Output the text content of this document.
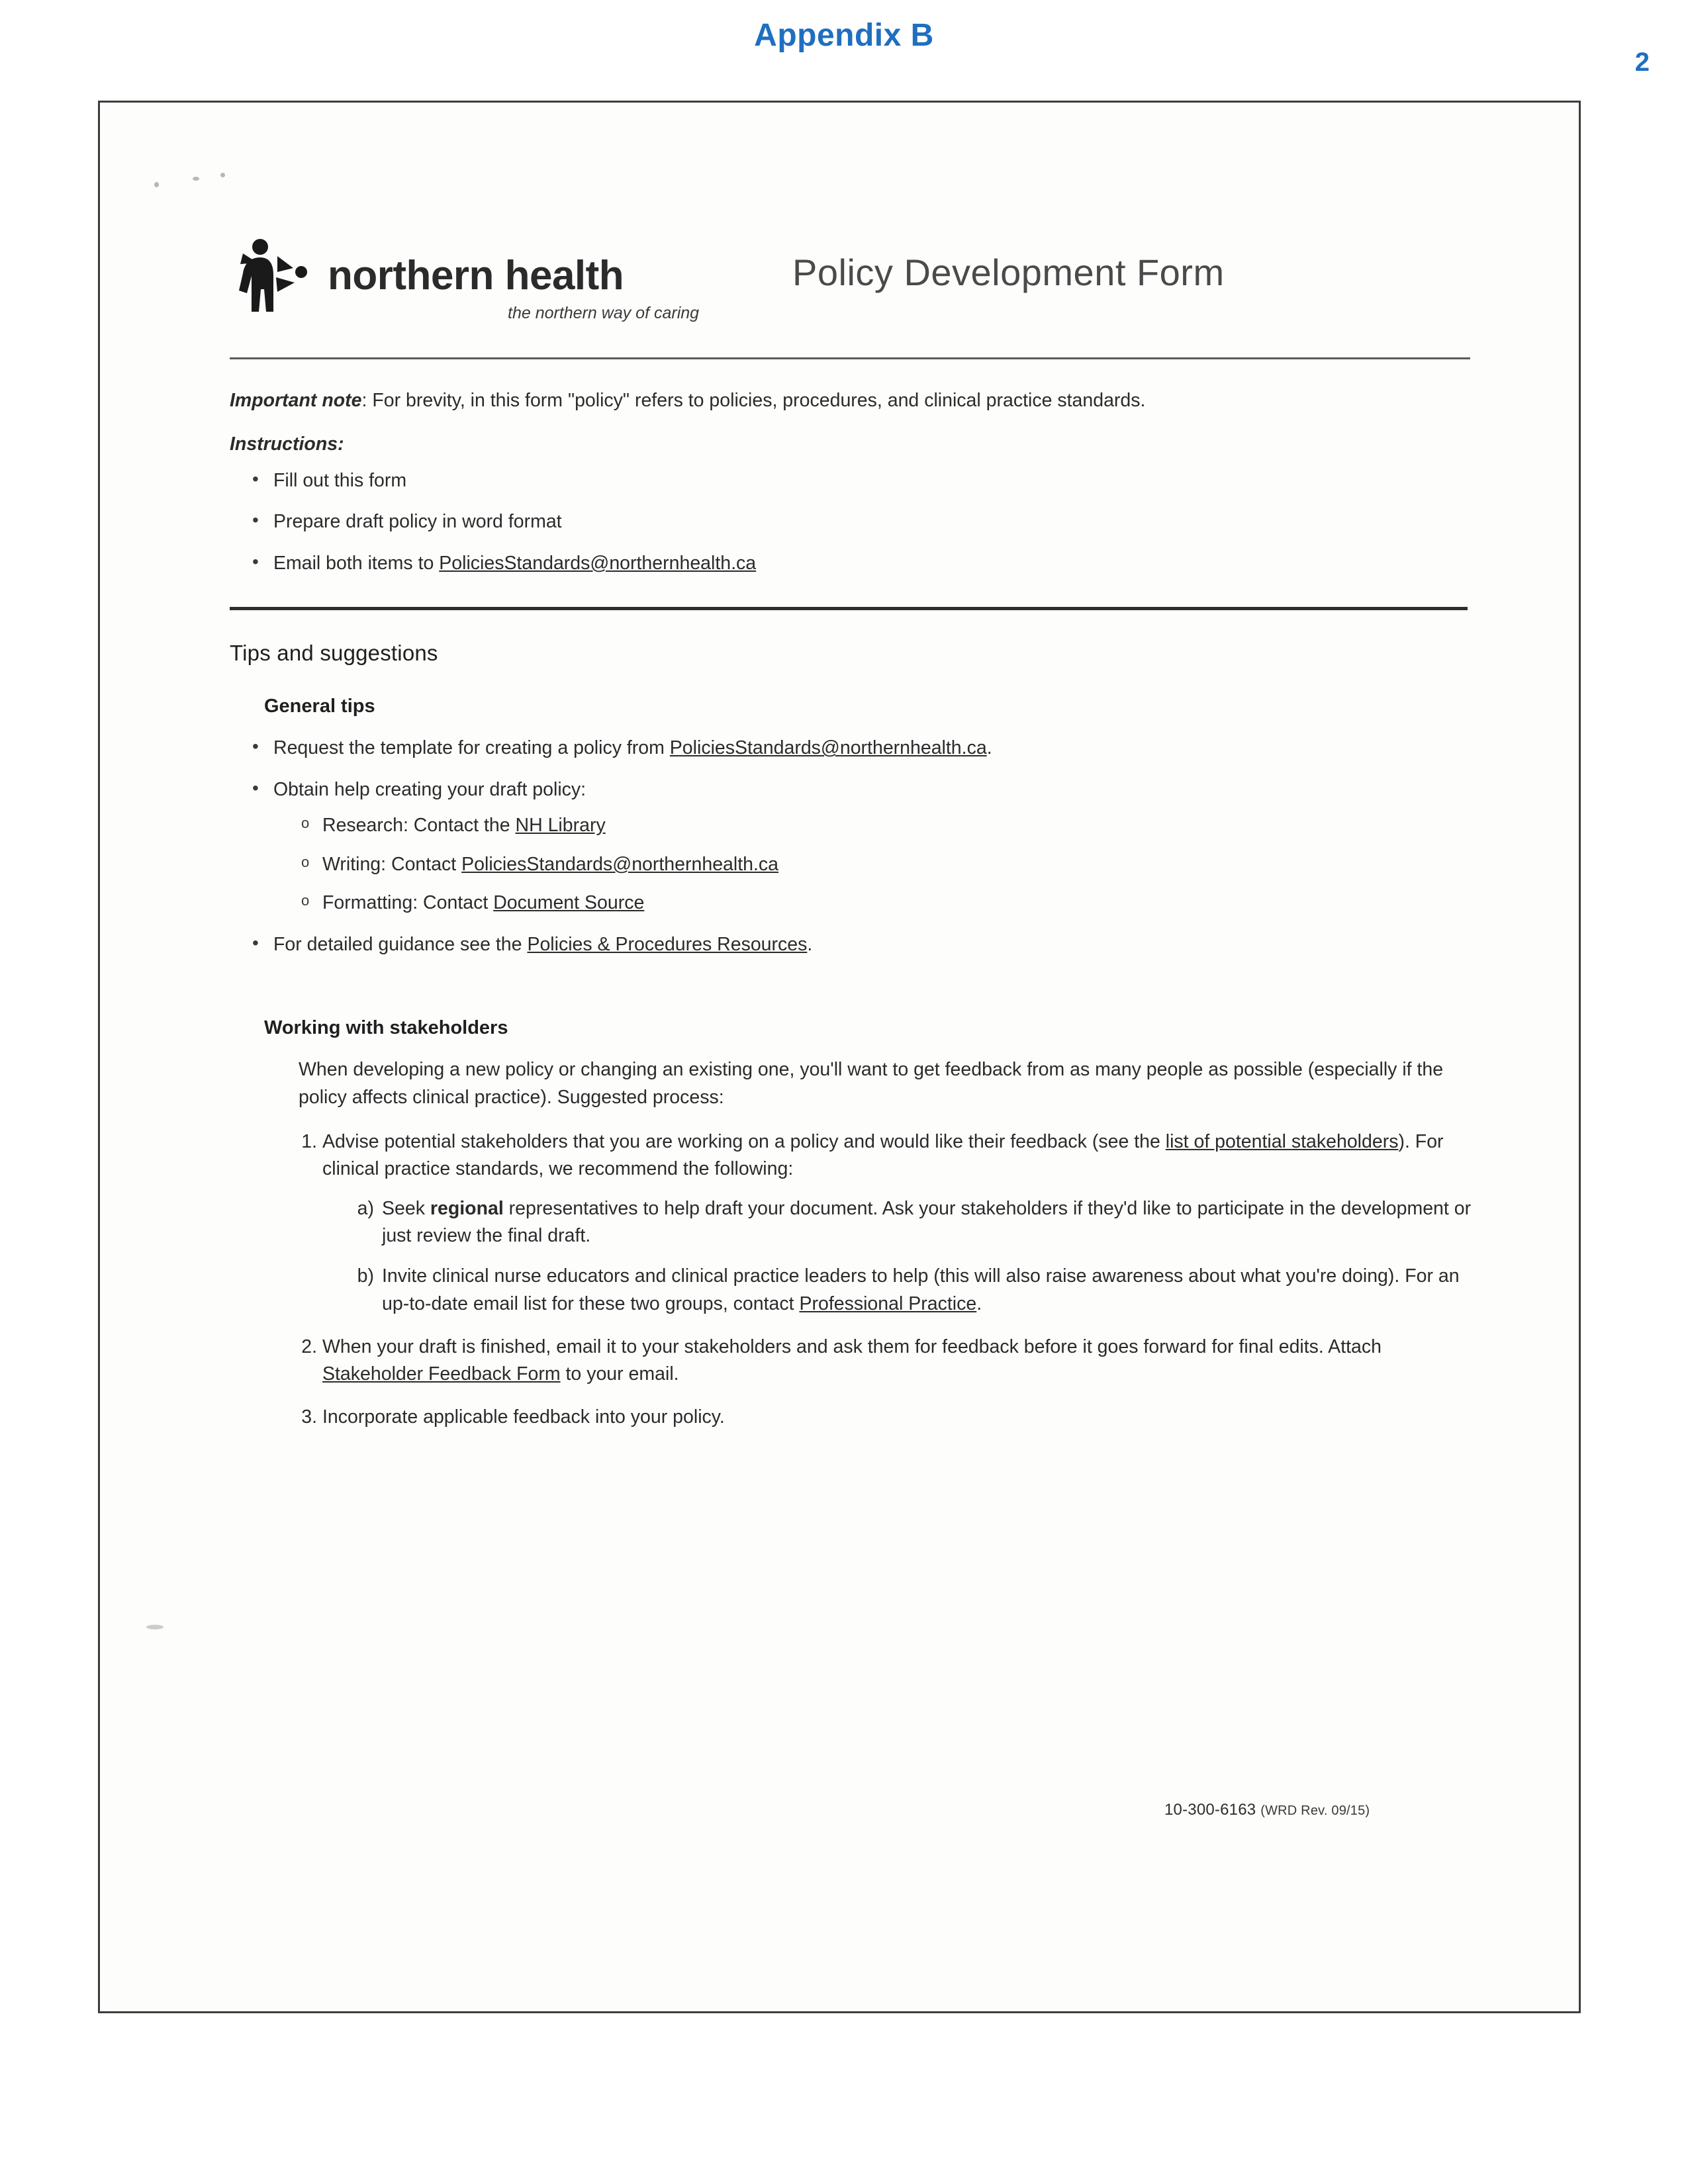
Appendix B
2
northern health
the northern way of caring
Policy Development Form

Important note: For brevity, in this form "policy" refers to policies, procedures, and clinical practice standards.

Instructions:
• Fill out this form
• Prepare draft policy in word format
• Email both items to PoliciesStandards@northernhealth.ca
Tips and suggestions
General tips
• Request the template for creating a policy from PoliciesStandards@northernhealth.ca.
• Obtain help creating your draft policy:
o Research: Contact the NH Library
o Writing: Contact PoliciesStandards@northernhealth.ca
o Formatting: Contact Document Source
• For detailed guidance see the Policies & Procedures Resources.
Working with stakeholders

When developing a new policy or changing an existing one, you'll want to get feedback from as many people as possible (especially if the policy affects clinical practice). Suggested process:

1. Advise potential stakeholders that you are working on a policy and would like their feedback (see the list of potential stakeholders). For clinical practice standards, we recommend the following:
a) Seek regional representatives to help draft your document. Ask your stakeholders if they'd like to participate in the development or just review the final draft.
b) Invite clinical nurse educators and clinical practice leaders to help (this will also raise awareness about what you're doing). For an up-to-date email list for these two groups, contact Professional Practice.
2. When your draft is finished, email it to your stakeholders and ask them for feedback before it goes forward for final edits. Attach Stakeholder Feedback Form to your email.
3. Incorporate applicable feedback into your policy.
10-300-6163 (WRD Rev. 09/15)
